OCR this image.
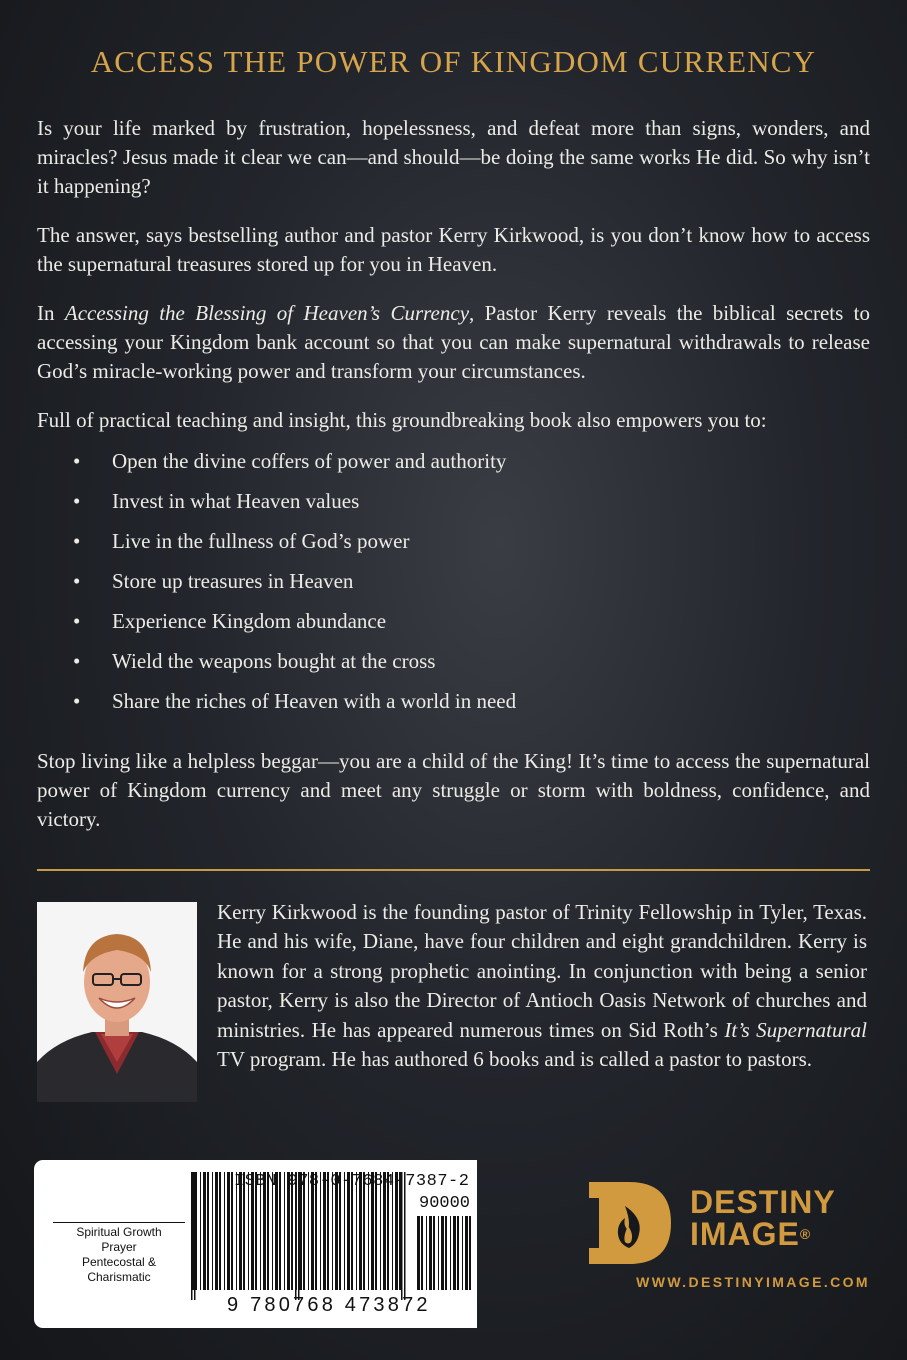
ACCESS THE POWER OF KINGDOM CURRENCY

Is your life marked by frustration, hopelessness, and defeat more than signs, wonders, and miracles? Jesus made it clear we can—and should—be doing the same works He did. So why isn’t it happening?

The answer, says bestselling author and pastor Kerry Kirkwood, is you don’t know how to access the supernatural treasures stored up for you in Heaven.

In Accessing the Blessing of Heaven’s Currency, Pastor Kerry reveals the biblical secrets to accessing your Kingdom bank account so that you can make supernatural withdrawals to release God’s miracle-working power and transform your circumstances.

Full of practical teaching and insight, this groundbreaking book also empowers you to:

• Open the divine coffers of power and authority
• Invest in what Heaven values
• Live in the fullness of God’s power
• Store up treasures in Heaven
• Experience Kingdom abundance
• Wield the weapons bought at the cross
• Share the riches of Heaven with a world in need

Stop living like a helpless beggar—you are a child of the King! It’s time to access the supernatural power of Kingdom currency and meet any struggle or storm with boldness, confidence, and victory.

Kerry Kirkwood is the founding pastor of Trinity Fellowship in Tyler, Texas. He and his wife, Diane, have four children and eight grandchildren. Kerry is known for a strong prophetic anointing. In conjunction with being a senior pastor, Kerry is also the Director of Antioch Oasis Network of churches and ministries. He has appeared numerous times on Sid Roth’s It’s Supernatural TV program. He has authored 6 books and is called a pastor to pastors.
Spiritual Growth
Prayer
Pentecostal & Charismatic
ISBN 978-0-7684-7387-2
90000
9 780768 473872
DESTINY
IMAGE®
WWW.DESTINYIMAGE.COM
